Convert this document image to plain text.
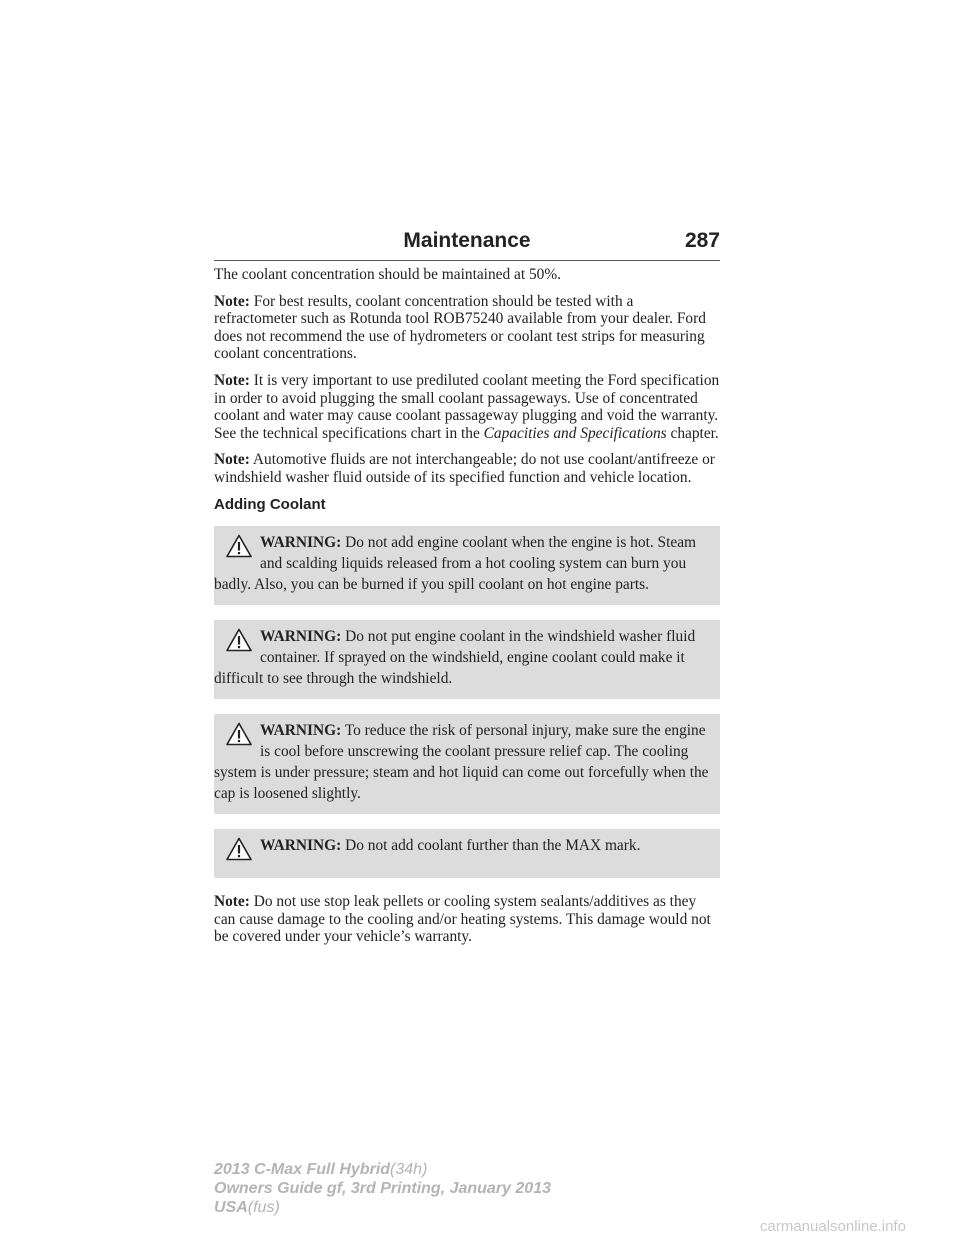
Maintenance	287

The coolant concentration should be maintained at 50%.

Note: For best results, coolant concentration should be tested with a refractometer such as Rotunda tool ROB75240 available from your dealer. Ford does not recommend the use of hydrometers or coolant test strips for measuring coolant concentrations.

Note: It is very important to use prediluted coolant meeting the Ford specification in order to avoid plugging the small coolant passageways. Use of concentrated coolant and water may cause coolant passageway plugging and void the warranty. See the technical specifications chart in the Capacities and Specifications chapter.

Note: Automotive fluids are not interchangeable; do not use coolant/antifreeze or windshield washer fluid outside of its specified function and vehicle location.

Adding Coolant
WARNING: Do not add engine coolant when the engine is hot. Steam and scalding liquids released from a hot cooling system can burn you badly. Also, you can be burned if you spill coolant on hot engine parts.
WARNING: Do not put engine coolant in the windshield washer fluid container. If sprayed on the windshield, engine coolant could make it difficult to see through the windshield.
WARNING: To reduce the risk of personal injury, make sure the engine is cool before unscrewing the coolant pressure relief cap. The cooling system is under pressure; steam and hot liquid can come out forcefully when the cap is loosened slightly.
WARNING: Do not add coolant further than the MAX mark.

Note: Do not use stop leak pellets or cooling system sealants/additives as they can cause damage to the cooling and/or heating systems. This damage would not be covered under your vehicle’s warranty.

2013 C-Max Full Hybrid(34h)
Owners Guide gf, 3rd Printing, January 2013
USA(fus)
carmanualsonline.info
